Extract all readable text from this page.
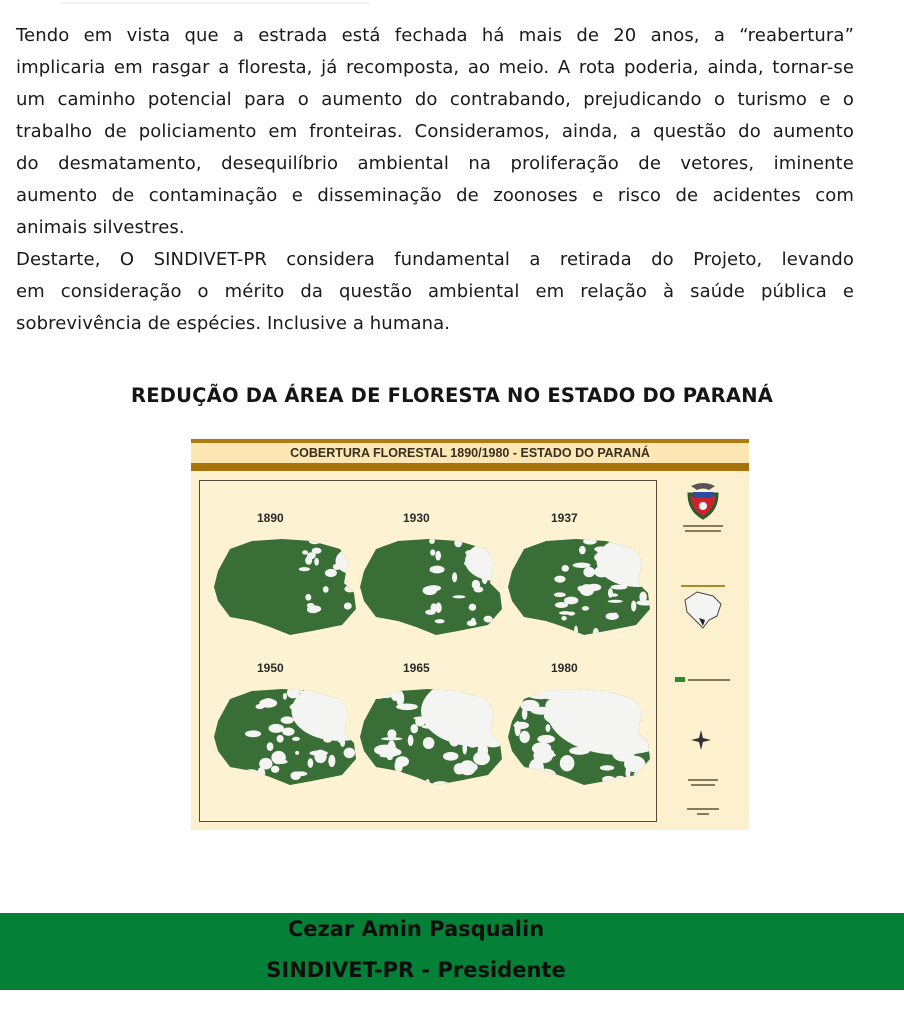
Tendo em vista que a estrada está fechada há mais de 20 anos, a “reabertura”
implicaria em rasgar a floresta, já recomposta, ao meio. A rota poderia, ainda, tornar-se
um caminho potencial para o aumento do contrabando, prejudicando o turismo e o
trabalho de policiamento em fronteiras. Consideramos, ainda, a questão do aumento
do desmatamento, desequilíbrio ambiental na proliferação de vetores, iminente
aumento de contaminação e disseminação de zoonoses e risco de acidentes com
animais silvestres.
Destarte, O SINDIVET-PR considera fundamental a retirada do Projeto, levando
em consideração o mérito da questão ambiental em relação à saúde pública e
sobrevivência de espécies. Inclusive a humana.
REDUÇÃO DA ÁREA DE FLORESTA NO ESTADO DO PARANÁ
COBERTURA FLORESTAL 1890/1980 - ESTADO DO PARANÁ
1890	1930	1937
1950	1965	1980
Cezar Amin Pasqualin
SINDIVET-PR - Presidente
